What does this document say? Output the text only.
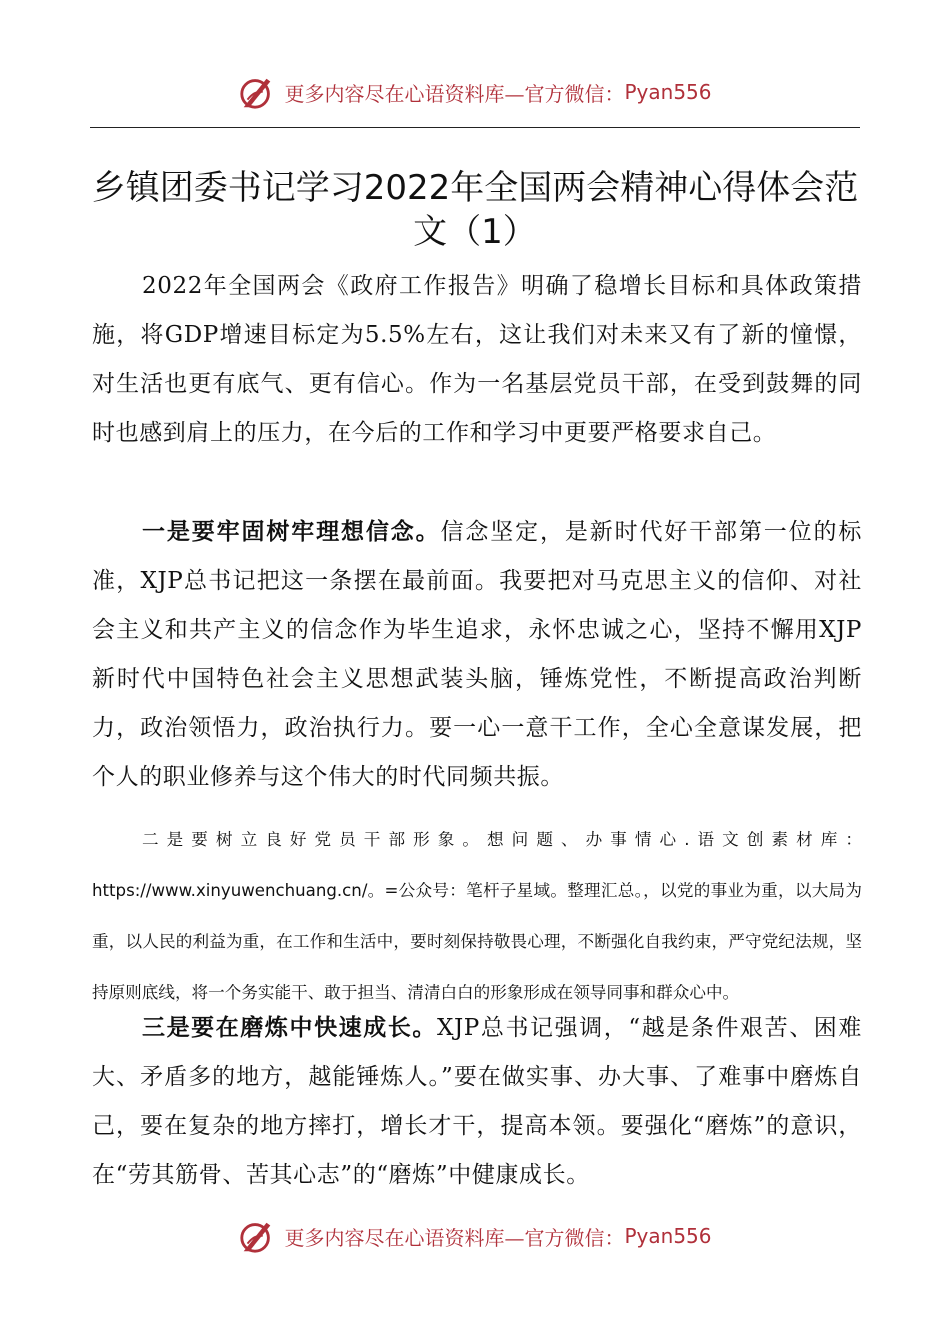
更多内容尽在心语资料库—官方微信： Pyan556
乡镇团委书记学习2022年全国两会精神心得体会范文（1）

2022年全国两会《政府工作报告》明确了稳增长目标和具体政策措施，将GDP增速目标定为5.5%左右，这让我们对未来又有了新的憧憬，对生活也更有底气、更有信心。作为一名基层党员干部，在受到鼓舞的同时也感到肩上的压力，在今后的工作和学习中更要严格要求自己。

一是要牢固树牢理想信念。信念坚定，是新时代好干部第一位的标准，XJP总书记把这一条摆在最前面。我要把对马克思主义的信仰、对社会主义和共产主义的信念作为毕生追求，永怀忠诚之心，坚持不懈用XJP新时代中国特色社会主义思想武装头脑，锤炼党性，不断提高政治判断力，政治领悟力，政治执行力。要一心一意干工作，全心全意谋发展，把个人的职业修养与这个伟大的时代同频共振。

二是要树立良好党员干部形象。想问题、办事情心.语文创素材库：https://www.xinyuwenchuang.cn/。=公众号：笔杆子星域。整理汇总。，以党的事业为重，以大局为重，以人民的利益为重，在工作和生活中，要时刻保持敬畏心理，不断强化自我约束，严守党纪法规，坚持原则底线，将一个务实能干、敢于担当、清清白白的形象形成在领导同事和群众心中。

三是要在磨炼中快速成长。XJP总书记强调，“越是条件艰苦、困难大、矛盾多的地方，越能锤炼人。”要在做实事、办大事、了难事中磨炼自己，要在复杂的地方摔打，增长才干，提高本领。要强化“磨炼”的意识，在“劳其筋骨、苦其心志”的“磨炼”中健康成长。

更多内容尽在心语资料库—官方微信： Pyan556
